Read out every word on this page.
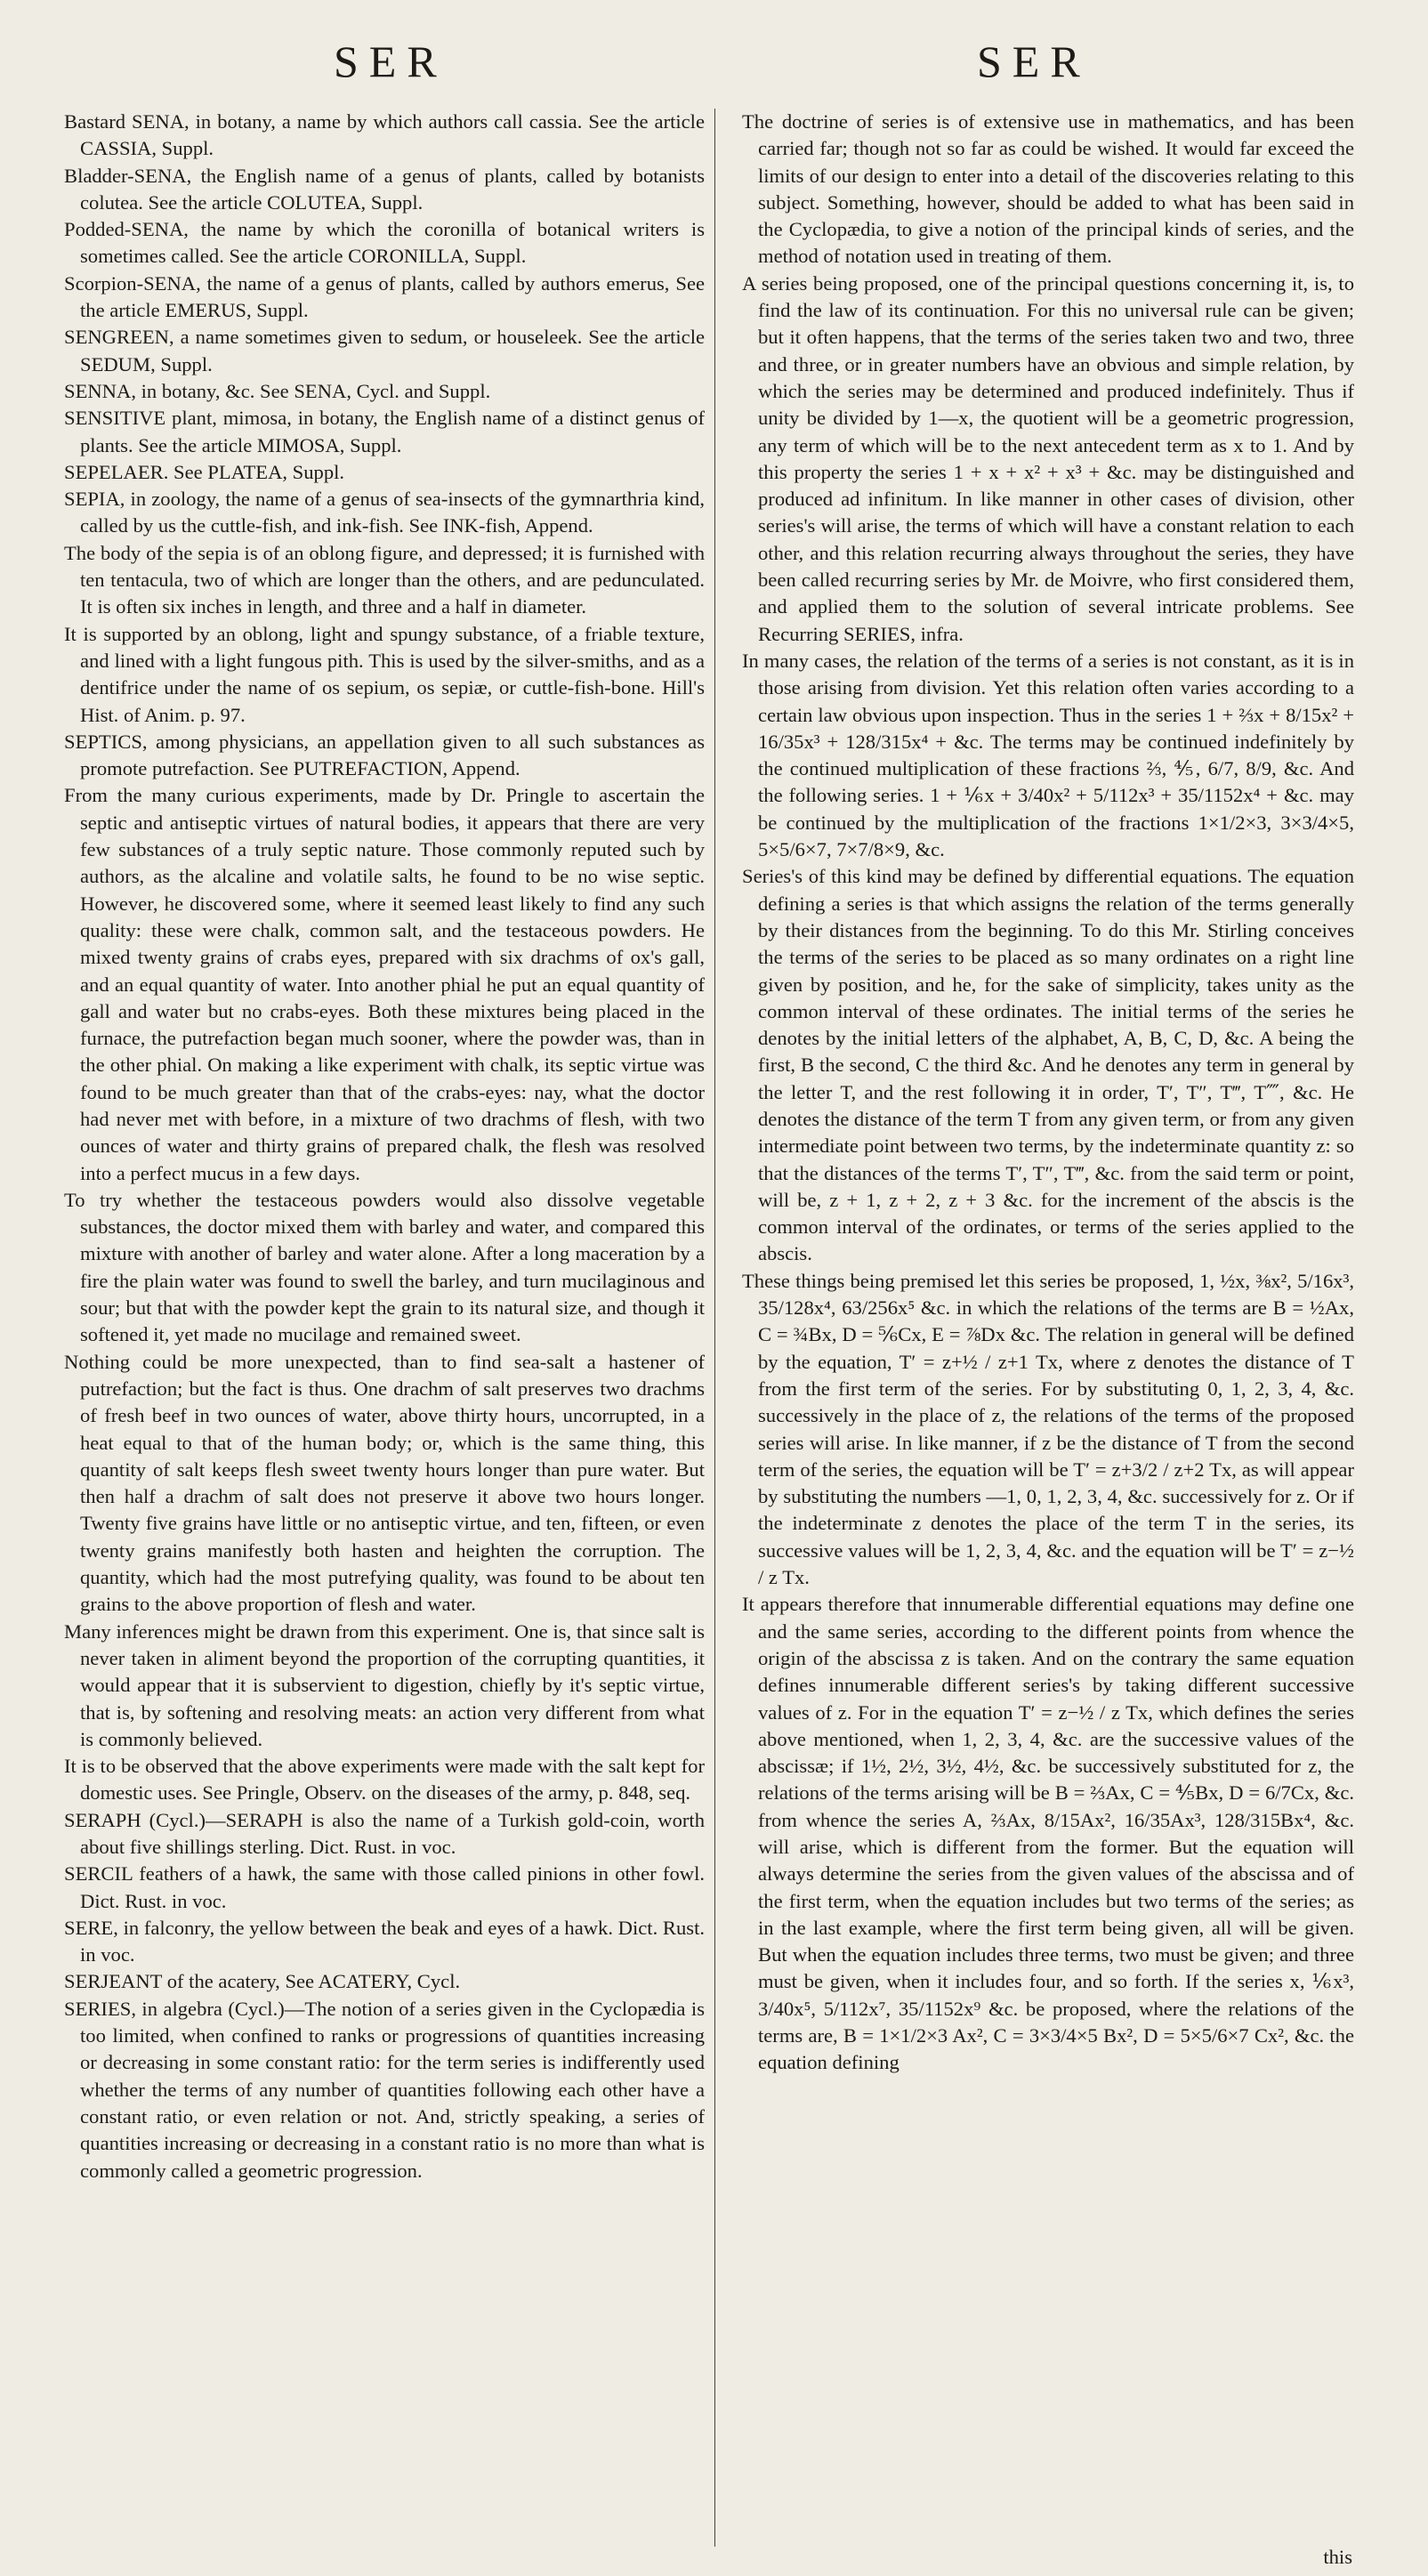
SER	SER

Bastard SENA, in botany, a name by which authors call cassia. See the article CASSIA, Suppl.

Bladder-SENA, the English name of a genus of plants, called by botanists colutea. See the article COLUTEA, Suppl.

Podded-SENA, the name by which the coronilla of botanical writers is sometimes called. See the article CORONILLA, Suppl.

Scorpion-SENA, the name of a genus of plants, called by authors emerus, See the article EMERUS, Suppl.

SENGREEN, a name sometimes given to sedum, or houseleek. See the article SEDUM, Suppl.

SENNA, in botany, &c. See SENA, Cycl. and Suppl.

SENSITIVE plant, mimosa, in botany, the English name of a distinct genus of plants. See the article MIMOSA, Suppl.

SEPELAER. See PLATEA, Suppl.

SEPIA, in zoology, the name of a genus of sea-insects of the gymnarthria kind, called by us the cuttle-fish, and ink-fish. See INK-fish, Append.

The body of the sepia is of an oblong figure, and depressed; it is furnished with ten tentacula, two of which are longer than the others, and are pedunculated. It is often six inches in length, and three and a half in diameter.

It is supported by an oblong, light and spungy substance, of a friable texture, and lined with a light fungous pith. This is used by the silver-smiths, and as a dentifrice under the name of os sepium, os sepiæ, or cuttle-fish-bone. Hill's Hist. of Anim. p. 97.

SEPTICS, among physicians, an appellation given to all such substances as promote putrefaction. See PUTREFACTION, Append.

From the many curious experiments, made by Dr. Pringle to ascertain the septic and antiseptic virtues of natural bodies, it appears that there are very few substances of a truly septic nature. Those commonly reputed such by authors, as the alcaline and volatile salts, he found to be no wise septic. However, he discovered some, where it seemed least likely to find any such quality: these were chalk, common salt, and the testaceous powders. He mixed twenty grains of crabs eyes, prepared with six drachms of ox's gall, and an equal quantity of water. Into another phial he put an equal quantity of gall and water but no crabs-eyes. Both these mixtures being placed in the furnace, the putrefaction began much sooner, where the powder was, than in the other phial. On making a like experiment with chalk, its septic virtue was found to be much greater than that of the crabs-eyes: nay, what the doctor had never met with before, in a mixture of two drachms of flesh, with two ounces of water and thirty grains of prepared chalk, the flesh was resolved into a perfect mucus in a few days.

To try whether the testaceous powders would also dissolve vegetable substances, the doctor mixed them with barley and water, and compared this mixture with another of barley and water alone. After a long maceration by a fire the plain water was found to swell the barley, and turn mucilaginous and sour; but that with the powder kept the grain to its natural size, and though it softened it, yet made no mucilage and remained sweet.

Nothing could be more unexpected, than to find sea-salt a hastener of putrefaction; but the fact is thus. One drachm of salt preserves two drachms of fresh beef in two ounces of water, above thirty hours, uncorrupted, in a heat equal to that of the human body; or, which is the same thing, this quantity of salt keeps flesh sweet twenty hours longer than pure water. But then half a drachm of salt does not preserve it above two hours longer. Twenty five grains have little or no antiseptic virtue, and ten, fifteen, or even twenty grains manifestly both hasten and heighten the corruption. The quantity, which had the most putrefying quality, was found to be about ten grains to the above proportion of flesh and water.

Many inferences might be drawn from this experiment. One is, that since salt is never taken in aliment beyond the proportion of the corrupting quantities, it would appear that it is subservient to digestion, chiefly by it's septic virtue, that is, by softening and resolving meats: an action very different from what is commonly believed.

It is to be observed that the above experiments were made with the salt kept for domestic uses. See Pringle, Observ. on the diseases of the army, p. 848, seq.

SERAPH (Cycl.)—SERAPH is also the name of a Turkish gold-coin, worth about five shillings sterling. Dict. Rust. in voc.

SERCIL feathers of a hawk, the same with those called pinions in other fowl. Dict. Rust. in voc.

SERE, in falconry, the yellow between the beak and eyes of a hawk. Dict. Rust. in voc.

SERJEANT of the acatery, See ACATERY, Cycl.

SERIES, in algebra (Cycl.)—The notion of a series given in the Cyclopædia is too limited, when confined to ranks or progressions of quantities increasing or decreasing in some constant ratio: for the term series is indifferently used whether the terms of any number of quantities following each other have a constant ratio, or even relation or not. And, strictly speaking, a series of quantities increasing or decreasing in a constant ratio is no more than what is commonly called a geometric progression.

The doctrine of series is of extensive use in mathematics, and has been carried far; though not so far as could be wished. It would far exceed the limits of our design to enter into a detail of the discoveries relating to this subject. Something, however, should be added to what has been said in the Cyclopædia, to give a notion of the principal kinds of series, and the method of notation used in treating of them.

A series being proposed, one of the principal questions concerning it, is, to find the law of its continuation. For this no universal rule can be given; but it often happens, that the terms of the series taken two and two, three and three, or in greater numbers have an obvious and simple relation, by which the series may be determined and produced indefinitely. Thus if unity be divided by 1—x, the quotient will be a geometric progression, any term of which will be to the next antecedent term as x to 1. And by this property the series 1 + x + x² + x³ + &c. may be distinguished and produced ad infinitum. In like manner in other cases of division, other series's will arise, the terms of which will have a constant relation to each other, and this relation recurring always throughout the series, they have been called recurring series by Mr. de Moivre, who first considered them, and applied them to the solution of several intricate problems. See Recurring SERIES, infra.

In many cases, the relation of the terms of a series is not constant, as it is in those arising from division. Yet this relation often varies according to a certain law obvious upon inspection. Thus in the series 1 + ⅔x + 8/15x² + 16/35x³ + 128/315x⁴ + &c. The terms may be continued indefinitely by the continued multiplication of these fractions ⅔, ⅘, 6/7, 8/9, &c. And the following series. 1 + ⅙x + 3/40x² + 5/112x³ + 35/1152x⁴ + &c. may be continued by the multiplication of the fractions 1×1/2×3, 3×3/4×5, 5×5/6×7, 7×7/8×9, &c.

Series's of this kind may be defined by differential equations. The equation defining a series is that which assigns the relation of the terms generally by their distances from the beginning. To do this Mr. Stirling conceives the terms of the series to be placed as so many ordinates on a right line given by position, and he, for the sake of simplicity, takes unity as the common interval of these ordinates. The initial terms of the series he denotes by the initial letters of the alphabet, A, B, C, D, &c. A being the first, B the second, C the third &c. And he denotes any term in general by the letter T, and the rest following it in order, T′, T″, T‴, T⁗, &c. He denotes the distance of the term T from any given term, or from any given intermediate point between two terms, by the indeterminate quantity z: so that the distances of the terms T′, T″, T‴, &c. from the said term or point, will be, z + 1, z + 2, z + 3 &c. for the increment of the abscis is the common interval of the ordinates, or terms of the series applied to the abscis.

These things being premised let this series be proposed, 1, ½x, ⅜x², 5/16x³, 35/128x⁴, 63/256x⁵ &c. in which the relations of the terms are B = ½Ax, C = ¾Bx, D = ⅚Cx, E = ⅞Dx &c. The relation in general will be defined by the equation, T′ = z+½ / z+1 Tx, where z denotes the distance of T from the first term of the series. For by substituting 0, 1, 2, 3, 4, &c. successively in the place of z, the relations of the terms of the proposed series will arise. In like manner, if z be the distance of T from the second term of the series, the equation will be T′ = z+3/2 / z+2 Tx, as will appear by substituting the numbers —1, 0, 1, 2, 3, 4, &c. successively for z. Or if the indeterminate z denotes the place of the term T in the series, its successive values will be 1, 2, 3, 4, &c. and the equation will be T′ = z−½ / z Tx.

It appears therefore that innumerable differential equations may define one and the same series, according to the different points from whence the origin of the abscissa z is taken. And on the contrary the same equation defines innumerable different series's by taking different successive values of z. For in the equation T′ = z−½ / z Tx, which defines the series above mentioned, when 1, 2, 3, 4, &c. are the successive values of the abscissæ; if 1½, 2½, 3½, 4½, &c. be successively substituted for z, the relations of the terms arising will be B = ⅔Ax, C = ⅘Bx, D = 6/7Cx, &c. from whence the series A, ⅔Ax, 8/15Ax², 16/35Ax³, 128/315Bx⁴, &c. will arise, which is different from the former. But the equation will always determine the series from the given values of the abscissa and of the first term, when the equation includes but two terms of the series; as in the last example, where the first term being given, all will be given. But when the equation includes three terms, two must be given; and three must be given, when it includes four, and so forth. If the series x, ⅙x³, 3/40x⁵, 5/112x⁷, 35/1152x⁹ &c. be proposed, where the relations of the terms are, B = 1×1/2×3 Ax², C = 3×3/4×5 Bx², D = 5×5/6×7 Cx², &c. the equation defining

this
